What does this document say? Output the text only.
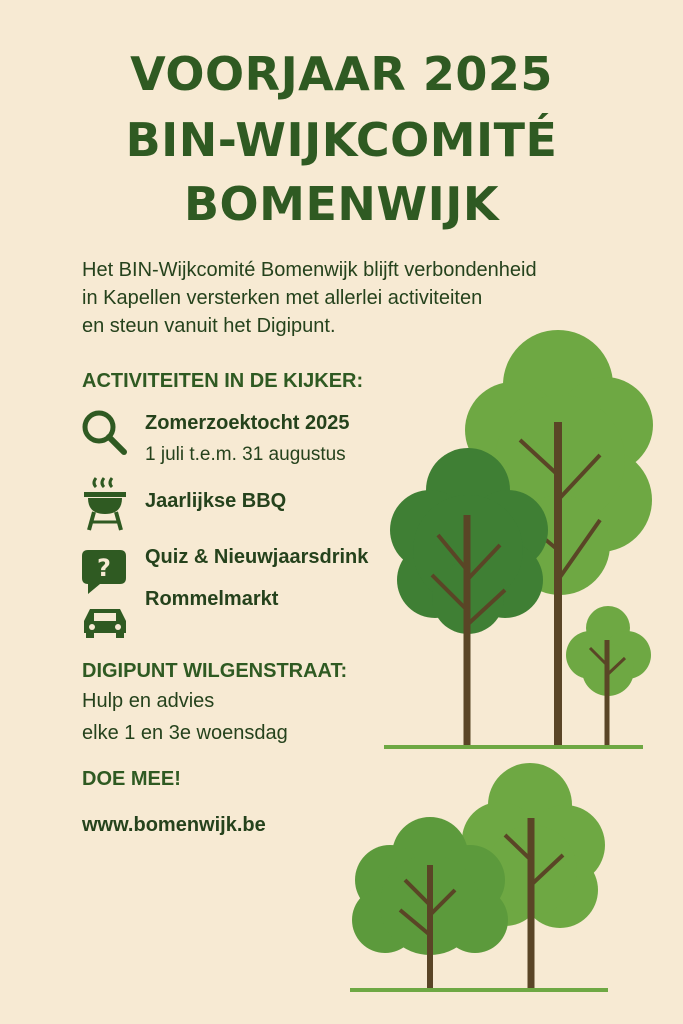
VOORJAAR 2025
BIN-WIJKCOMITÉ
BOMENWIJK
Het BIN-Wijkcomité Bomenwijk blijft verbondenheid
in Kapellen versterken met allerlei activiteiten
en steun vanuit het Digipunt.
ACTIVITEITEN IN DE KIJKER:
Zomerzoektocht 2025
1 juli t.e.m. 31 augustus
Jaarlijkse BBQ
? Quiz & Nieuwjaarsdrink
Rommelmarkt
DIGIPUNT WILGENSTRAAT:
Hulp en advies
elke 1 en 3e woensdag
DOE MEE!
www.bomenwijk.be
